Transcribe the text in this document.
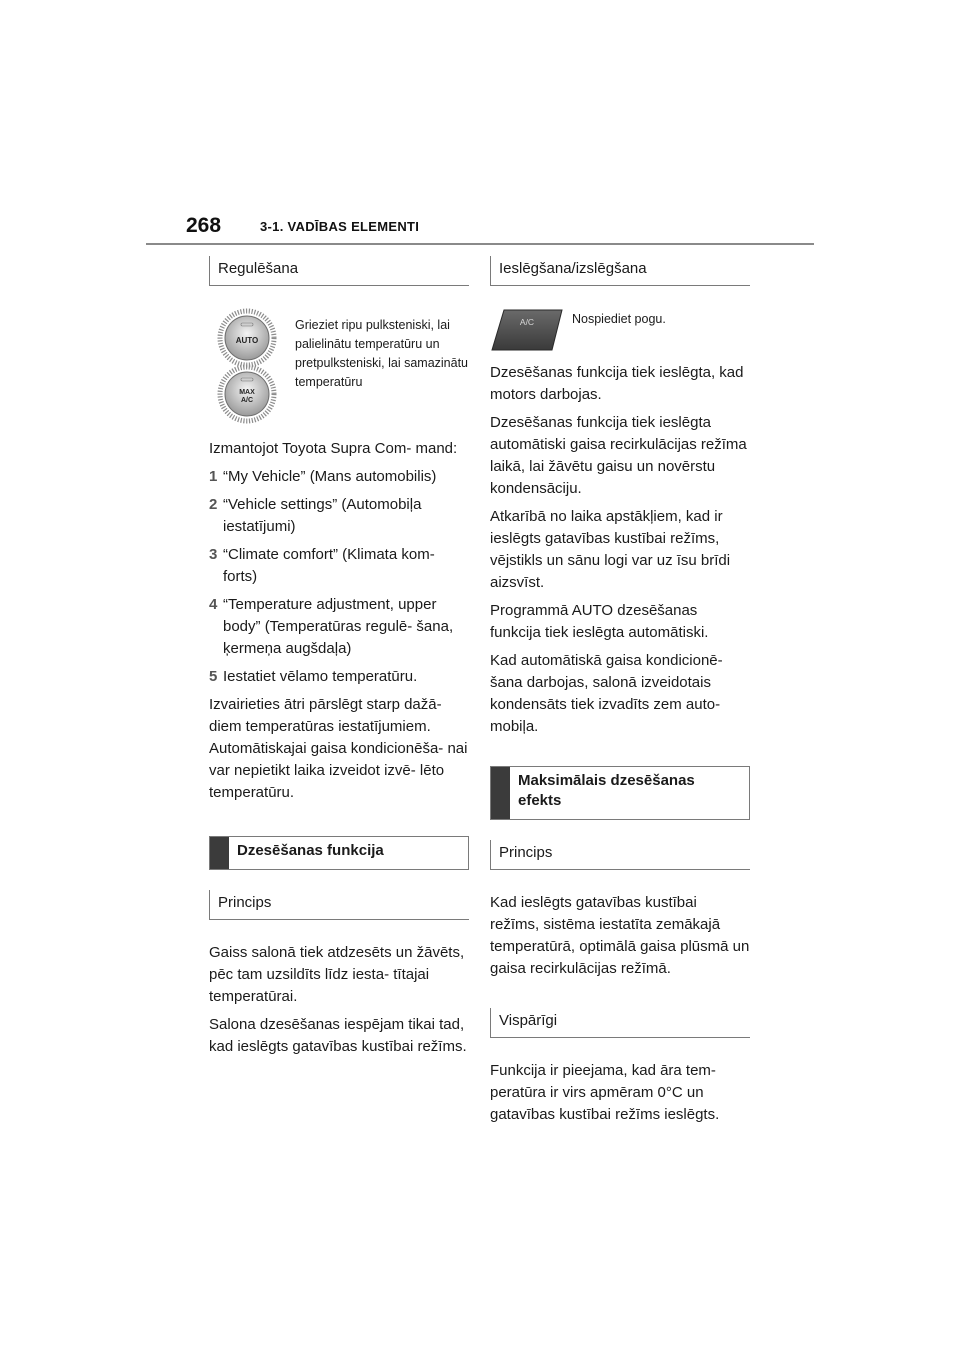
268	3-1. VADĪBAS ELEMENTI
Regulēšana
AUTO
MAX
A/C
Grieziet ripu pulksteniski, lai palielinātu temperatūru un pretpulksteniski, lai samazinātu temperatūru

Izmantojot Toyota Supra Com- mand:

1 “My Vehicle” (Mans automobilis)
2 “Vehicle settings” (Automobiļa iestatījumi)
3 “Climate comfort” (Klimata kom- forts)
4 “Temperature adjustment, upper body” (Temperatūras regulē- šana, ķermeņa augšdaļa)
5 Iestatiet vēlamo temperatūru.

Izvairieties ātri pārslēgt starp dažā- diem temperatūras iestatījumiem. Automātiskajai gaisa kondicionēša- nai var nepietikt laika izveidot izvē- lēto temperatūru.

Dzesēšanas funkcija
Princips

Gaiss salonā tiek atdzesēts un žāvēts, pēc tam uzsildīts līdz iesta- tītajai temperatūrai.

Salona dzesēšanas iespējam tikai tad, kad ieslēgts gatavības kustībai režīms.

Ieslēgšana/izslēgšana
A/C	Nospiediet pogu.

Dzesēšanas funkcija tiek ieslēgta, kad motors darbojas.

Dzesēšanas funkcija tiek ieslēgta automātiski gaisa recirkulācijas režīma laikā, lai žāvētu gaisu un novērstu kondensāciju.

Atkarībā no laika apstākļiem, kad ir ieslēgts gatavības kustībai režīms, vējstikls un sānu logi var uz īsu brīdi aizsvīst.

Programmā AUTO dzesēšanas funkcija tiek ieslēgta automātiski.

Kad automātiskā gaisa kondicionē- šana darbojas, salonā izveidotais kondensāts tiek izvadīts zem auto- mobiļa.

Maksimālais dzesēšanas efekts
Princips

Kad ieslēgts gatavības kustībai režīms, sistēma iestatīta zemākajā temperatūrā, optimālā gaisa plūsmā un gaisa recirkulācijas režīmā.

Vispārīgi

Funkcija ir pieejama, kad āra tem- peratūra ir virs apmēram 0°C un gatavības kustībai režīms ieslēgts.
